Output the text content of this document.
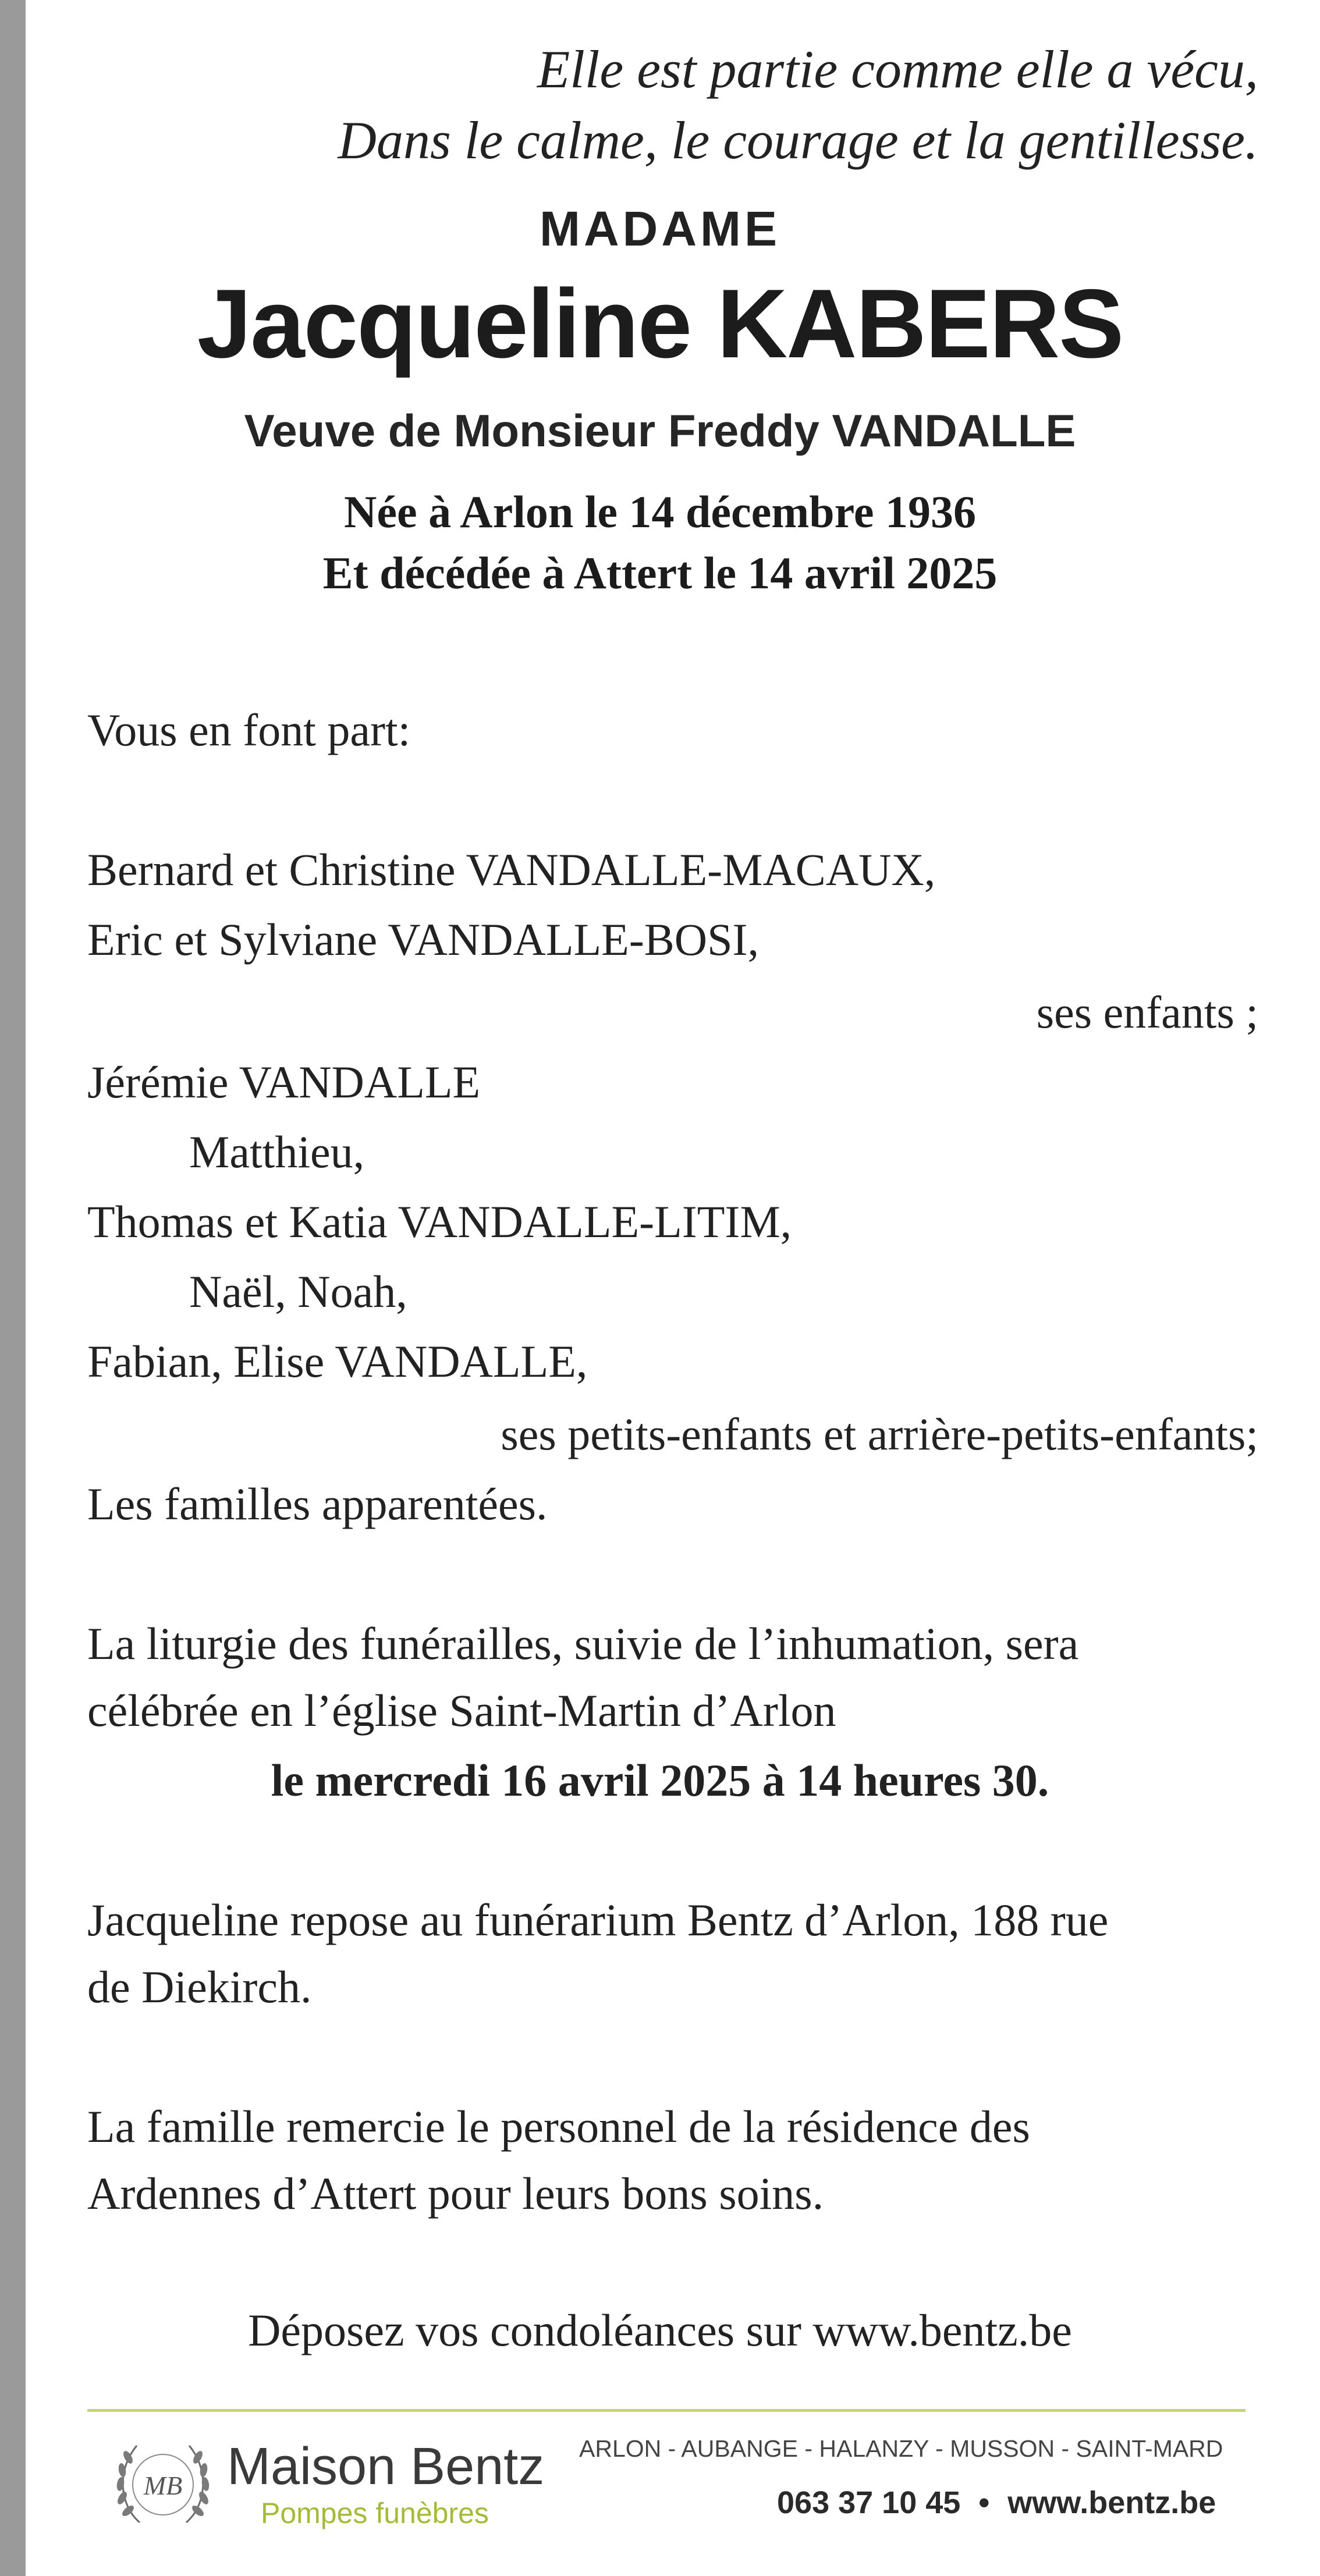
Elle est partie comme elle a vécu,
Dans le calme, le courage et la gentillesse.
MADAME
Jacqueline KABERS
Veuve de Monsieur Freddy VANDALLE
Née à Arlon le 14 décembre 1936
Et décédée à Attert le 14 avril 2025
Vous en font part:
Bernard et Christine VANDALLE-MACAUX,
Eric et Sylviane VANDALLE-BOSI,
ses enfants ;
Jérémie VANDALLE
Matthieu,
Thomas et Katia VANDALLE-LITIM,
Naël, Noah,
Fabian, Elise VANDALLE,
ses petits-enfants et arrière-petits-enfants;
Les familles apparentées.
La liturgie des funérailles, suivie de l’inhumation, sera
célébrée en l’église Saint-Martin d’Arlon
le mercredi 16 avril 2025 à 14 heures 30.
Jacqueline repose au funérarium Bentz d’Arlon, 188 rue
de Diekirch.
La famille remercie le personnel de la résidence des
Ardennes d’Attert pour leurs bons soins.
Déposez vos condoléances sur www.bentz.be
MB Maison Bentz
Pompes funèbres
ARLON - AUBANGE - HALANZY - MUSSON - SAINT-MARD
063 37 10 45 • www.bentz.be
